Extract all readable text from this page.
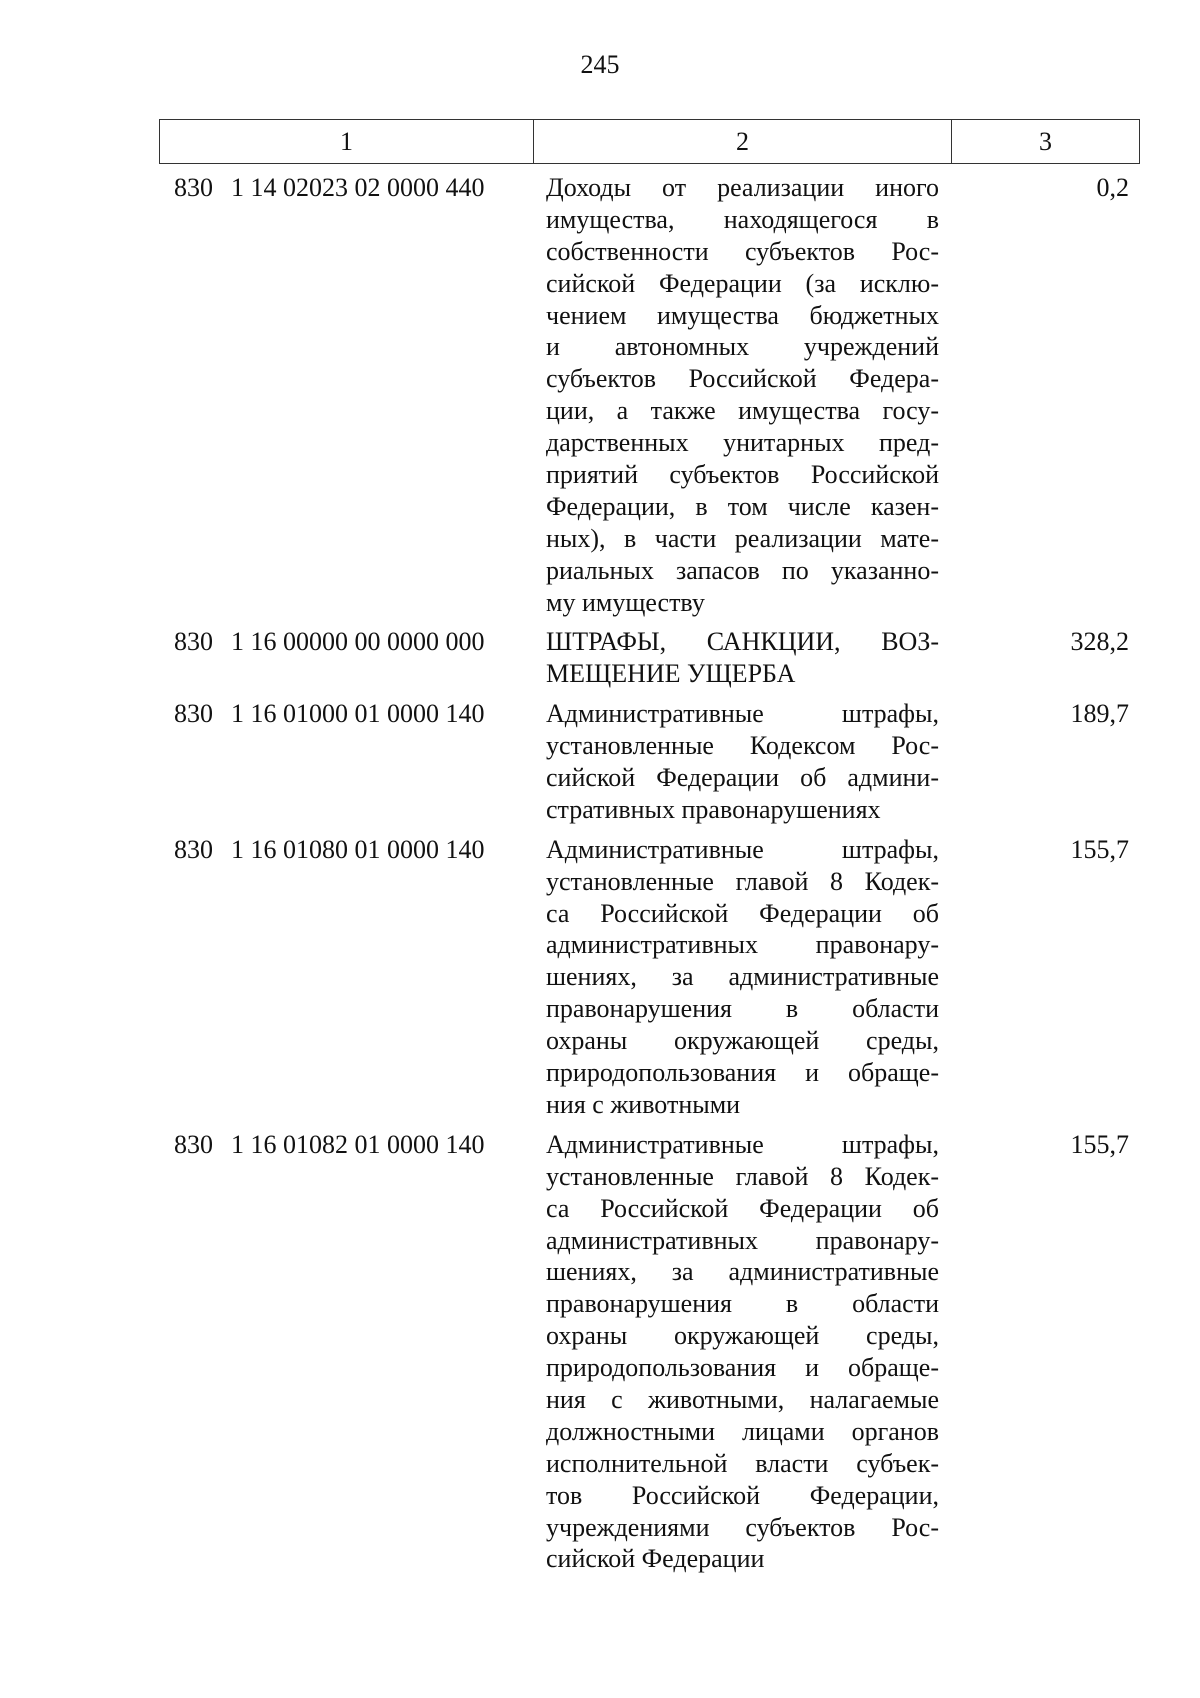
245
1	2	3
830 1 14 02023 02 0000 440	Доходы от реализации иного
имущества, находящегося в
собственности субъектов Рос-
сийской Федерации (за исклю-
чением имущества бюджетных
и автономных учреждений
субъектов Российской Федера-
ции, а также имущества госу-
дарственных унитарных пред-
приятий субъектов Российской
Федерации, в том числе казен-
ных), в части реализации мате-
риальных запасов по указанно-
му имуществу
0,2
830 1 16 00000 00 0000 000	ШТРАФЫ, САНКЦИИ, ВОЗ-
МЕЩЕНИЕ УЩЕРБА
328,2
830 1 16 01000 01 0000 140	Административные штрафы,
установленные Кодексом Рос-
сийской Федерации об админи-
стративных правонарушениях
189,7
830 1 16 01080 01 0000 140	Административные штрафы,
установленные главой 8 Кодек-
са Российской Федерации об
административных правонару-
шениях, за административные
правонарушения в области
охраны окружающей среды,
природопользования и обраще-
ния с животными
155,7
830 1 16 01082 01 0000 140	Административные штрафы,
установленные главой 8 Кодек-
са Российской Федерации об
административных правонару-
шениях, за административные
правонарушения в области
охраны окружающей среды,
природопользования и обраще-
ния с животными, налагаемые
должностными лицами органов
исполнительной власти субъек-
тов Российской Федерации,
учреждениями субъектов Рос-
сийской Федерации
155,7
